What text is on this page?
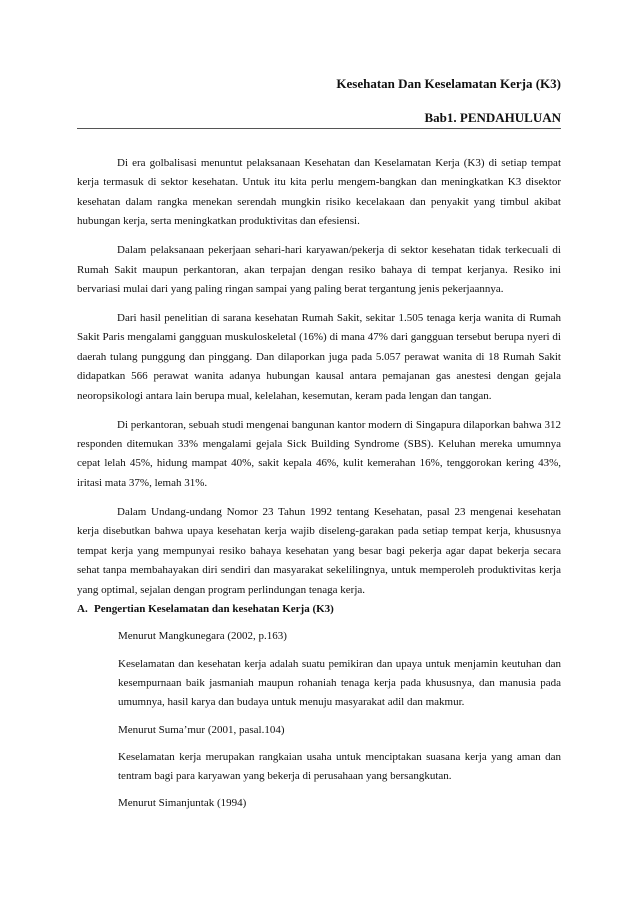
Kesehatan Dan Keselamatan Kerja (K3)
Bab1. PENDAHULUAN

Di era golbalisasi menuntut pelaksanaan Kesehatan dan Keselamatan Kerja (K3) di setiap tempat kerja termasuk di sektor kesehatan. Untuk itu kita perlu mengem-bangkan dan meningkatkan K3 disektor kesehatan dalam rangka menekan serendah mungkin risiko kecelakaan dan penyakit yang timbul akibat hubungan kerja, serta meningkatkan produktivitas dan efesiensi.

Dalam pelaksanaan pekerjaan sehari-hari karyawan/pekerja di sektor kesehatan tidak terkecuali di Rumah Sakit maupun perkantoran, akan terpajan dengan resiko bahaya di tempat kerjanya. Resiko ini bervariasi mulai dari yang paling ringan sampai yang paling berat tergantung jenis pekerjaannya.

Dari hasil penelitian di sarana kesehatan Rumah Sakit, sekitar 1.505 tenaga kerja wanita di Rumah Sakit Paris mengalami gangguan muskuloskeletal (16%) di mana 47% dari gangguan tersebut berupa nyeri di daerah tulang punggung dan pinggang. Dan dilaporkan juga pada 5.057 perawat wanita di 18 Rumah Sakit didapatkan 566 perawat wanita adanya hubungan kausal antara pemajanan gas anestesi dengan gejala neoropsikologi antara lain berupa mual, kelelahan, kesemutan, keram pada lengan dan tangan.

Di perkantoran, sebuah studi mengenai bangunan kantor modern di Singapura dilaporkan bahwa 312 responden ditemukan 33% mengalami gejala Sick Building Syndrome (SBS). Keluhan mereka umumnya cepat lelah 45%, hidung mampat 40%, sakit kepala 46%, kulit kemerahan 16%, tenggorokan kering 43%, iritasi mata 37%, lemah 31%.

Dalam Undang-undang Nomor 23 Tahun 1992 tentang Kesehatan, pasal 23 mengenai kesehatan kerja disebutkan bahwa upaya kesehatan kerja wajib diseleng-garakan pada setiap tempat kerja, khususnya tempat kerja yang mempunyai resiko bahaya kesehatan yang besar bagi pekerja agar dapat bekerja secara sehat tanpa membahayakan diri sendiri dan masyarakat sekelilingnya, untuk memperoleh produktivitas kerja yang optimal, sejalan dengan program perlindungan tenaga kerja.

A. Pengertian Keselamatan dan kesehatan Kerja (K3)
Menurut Mangkunegara (2002, p.163)
Keselamatan dan kesehatan kerja adalah suatu pemikiran dan upaya untuk menjamin keutuhan dan kesempurnaan baik jasmaniah maupun rohaniah tenaga kerja pada khususnya, dan manusia pada umumnya, hasil karya dan budaya untuk menuju masyarakat adil dan makmur.
Menurut Suma’mur (2001, pasal.104)
Keselamatan kerja merupakan rangkaian usaha untuk menciptakan suasana kerja yang aman dan tentram bagi para karyawan yang bekerja di perusahaan yang bersangkutan.
Menurut Simanjuntak (1994)
